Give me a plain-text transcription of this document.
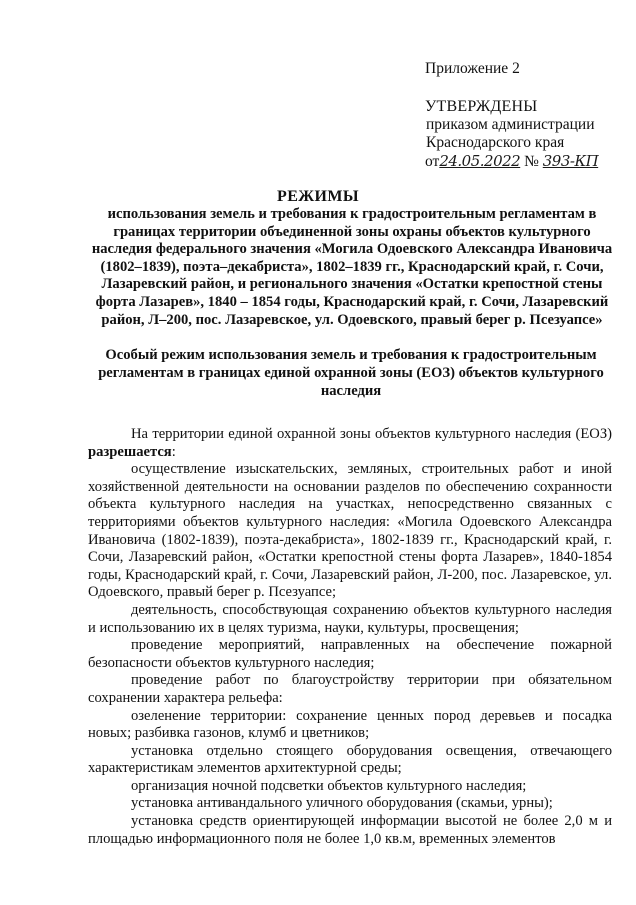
Приложение 2
УТВЕРЖДЕНЫ
приказом администрации
Краснодарского края
от24.05.2022 № 393-КП
РЕЖИМЫ
использования земель и требования к градостроительным регламентам в границах территории объединенной зоны охраны объектов культурного наследия федерального значения «Могила Одоевского Александра Ивановича (1802–1839), поэта–декабриста», 1802–1839 гг., Краснодарский край, г. Сочи, Лазаревский район, и регионального значения «Остатки крепостной стены форта Лазарев», 1840 – 1854 годы, Краснодарский край, г. Сочи, Лазаревский район, Л–200, пос. Лазаревское, ул. Одоевского, правый берег р. Псезуапсе»
Особый режим использования земель и требования к градостроительным регламентам в границах единой охранной зоны (ЕОЗ) объектов культурного наследия

На территории единой охранной зоны объектов культурного наследия (ЕОЗ) разрешается:

осуществление изыскательских, земляных, строительных работ и иной хозяйственной деятельности на основании разделов по обеспечению сохранности объекта культурного наследия на участках, непосредственно связанных с территориями объектов культурного наследия: «Могила Одоевского Александра Ивановича (1802-1839), поэта-декабриста», 1802-1839 гг., Краснодарский край, г. Сочи, Лазаревский район, «Остатки крепостной стены форта Лазарев», 1840-1854 годы, Краснодарский край, г. Сочи, Лазаревский район, Л-200, пос. Лазаревское, ул. Одоевского, правый берег р. Псезуапсе;

деятельность, способствующая сохранению объектов культурного наследия и использованию их в целях туризма, науки, культуры, просвещения;

проведение мероприятий, направленных на обеспечение пожарной безопасности объектов культурного наследия;

проведение работ по благоустройству территории при обязательном сохранении характера рельефа:

озеленение территории: сохранение ценных пород деревьев и посадка новых; разбивка газонов, клумб и цветников;

установка отдельно стоящего оборудования освещения, отвечающего характеристикам элементов архитектурной среды;

организация ночной подсветки объектов культурного наследия;

установка антивандального уличного оборудования (скамьи, урны);

установка средств ориентирующей информации высотой не более 2,0 м и площадью информационного поля не более 1,0 кв.м, временных элементов
